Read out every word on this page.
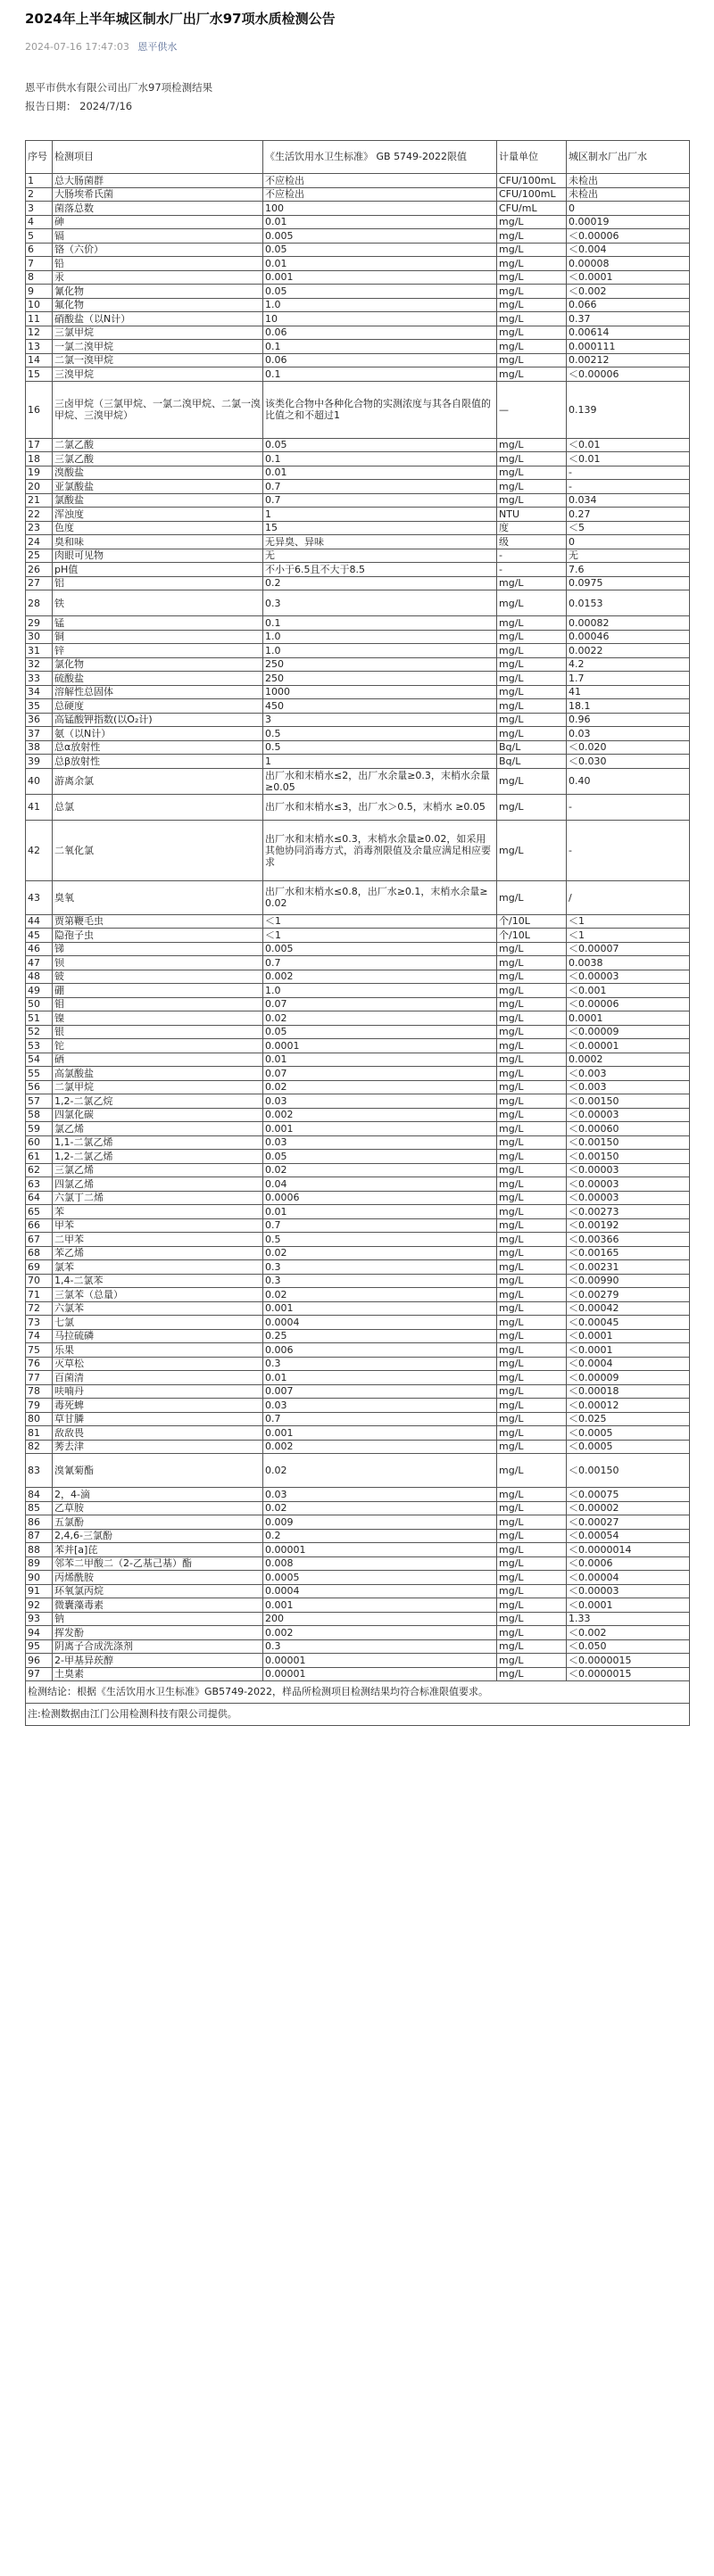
2024年上半年城区制水厂出厂水97项水质检测公告
2024-07-16 17:47:03 恩平供水
恩平市供水有限公司出厂水97项检测结果
报告日期： 2024/7/16
序号	检测项目	《生活饮用水卫生标准》 GB 5749-2022限值	计量单位	城区制水厂出厂水
1	总大肠菌群	不应检出	CFU/100mL	未检出
2	大肠埃希氏菌	不应检出	CFU/100mL	未检出
3	菌落总数	100	CFU/mL	0
4	砷	0.01	mg/L	0.00019
5	镉	0.005	mg/L	＜0.00006
6	铬（六价）	0.05	mg/L	＜0.004
7	铅	0.01	mg/L	0.00008
8	汞	0.001	mg/L	＜0.0001
9	氰化物	0.05	mg/L	＜0.002
10	氟化物	1.0	mg/L	0.066
11	硝酸盐（以N计）	10	mg/L	0.37
12	三氯甲烷	0.06	mg/L	0.00614
13	一氯二溴甲烷	0.1	mg/L	0.000111
14	二氯一溴甲烷	0.06	mg/L	0.00212
15	三溴甲烷	0.1	mg/L	＜0.00006
16	三卤甲烷（三氯甲烷、一氯二溴甲烷、二氯一溴甲烷、三溴甲烷）	该类化合物中各种化合物的实测浓度与其各自限值的比值之和不超过1	—	0.139
17	二氯乙酸	0.05	mg/L	＜0.01
18	三氯乙酸	0.1	mg/L	＜0.01
19	溴酸盐	0.01	mg/L	-
20	亚氯酸盐	0.7	mg/L	-
21	氯酸盐	0.7	mg/L	0.034
22	浑浊度	1	NTU	0.27
23	色度	15	度	＜5
24	臭和味	无异臭、异味	级	0
25	肉眼可见物	无	-	无
26	pH值	不小于6.5且不大于8.5	-	7.6
27	铝	0.2	mg/L	0.0975
28	铁	0.3	mg/L	0.0153
29	锰	0.1	mg/L	0.00082
30	铜	1.0	mg/L	0.00046
31	锌	1.0	mg/L	0.0022
32	氯化物	250	mg/L	4.2
33	硫酸盐	250	mg/L	1.7
34	溶解性总固体	1000	mg/L	41
35	总硬度	450	mg/L	18.1
36	高锰酸钾指数(以O₂计)	3	mg/L	0.96
37	氨（以N计）	0.5	mg/L	0.03
38	总α放射性	0.5	Bq/L	＜0.020
39	总β放射性	1	Bq/L	＜0.030
40	游离余氯	出厂水和末梢水≤2，出厂水余量≥0.3，末梢水余量≥0.05	mg/L	0.40
41	总氯	出厂水和末梢水≤3，出厂水＞0.5，末梢水 ≥0.05	mg/L	-
42	二氧化氯	出厂水和末梢水≤0.3，末梢水余量≥0.02，如采用其他协同消毒方式，消毒剂限值及余量应满足相应要求	mg/L	-
43	臭氧	出厂水和末梢水≤0.8，出厂水≥0.1，末梢水余量≥0.02	mg/L	/
44	贾第鞭毛虫	＜1	个/10L	＜1
45	隐孢子虫	＜1	个/10L	＜1
46	锑	0.005	mg/L	＜0.00007
47	钡	0.7	mg/L	0.0038
48	铍	0.002	mg/L	＜0.00003
49	硼	1.0	mg/L	＜0.001
50	钼	0.07	mg/L	＜0.00006
51	镍	0.02	mg/L	0.0001
52	银	0.05	mg/L	＜0.00009
53	铊	0.0001	mg/L	＜0.00001
54	硒	0.01	mg/L	0.0002
55	高氯酸盐	0.07	mg/L	＜0.003
56	二氯甲烷	0.02	mg/L	＜0.003
57	1,2-二氯乙烷	0.03	mg/L	＜0.00150
58	四氯化碳	0.002	mg/L	＜0.00003
59	氯乙烯	0.001	mg/L	＜0.00060
60	1,1-二氯乙烯	0.03	mg/L	＜0.00150
61	1,2-二氯乙烯	0.05	mg/L	＜0.00150
62	三氯乙烯	0.02	mg/L	＜0.00003
63	四氯乙烯	0.04	mg/L	＜0.00003
64	六氯丁二烯	0.0006	mg/L	＜0.00003
65	苯	0.01	mg/L	＜0.00273
66	甲苯	0.7	mg/L	＜0.00192
67	二甲苯	0.5	mg/L	＜0.00366
68	苯乙烯	0.02	mg/L	＜0.00165
69	氯苯	0.3	mg/L	＜0.00231
70	1,4-二氯苯	0.3	mg/L	＜0.00990
71	三氯苯（总量）	0.02	mg/L	＜0.00279
72	六氯苯	0.001	mg/L	＜0.00042
73	七氯	0.0004	mg/L	＜0.00045
74	马拉硫磷	0.25	mg/L	＜0.0001
75	乐果	0.006	mg/L	＜0.0001
76	灭草松	0.3	mg/L	＜0.0004
77	百菌清	0.01	mg/L	＜0.00009
78	呋喃丹	0.007	mg/L	＜0.00018
79	毒死蜱	0.03	mg/L	＜0.00012
80	草甘膦	0.7	mg/L	＜0.025
81	敌敌畏	0.001	mg/L	＜0.0005
82	莠去津	0.002	mg/L	＜0.0005
83	溴氰菊酯	0.02	mg/L	＜0.00150
84	2，4-滴	0.03	mg/L	＜0.00075
85	乙草胺	0.02	mg/L	＜0.00002
86	五氯酚	0.009	mg/L	＜0.00027
87	2,4,6-三氯酚	0.2	mg/L	＜0.00054
88	苯并[a]芘	0.00001	mg/L	＜0.0000014
89	邻苯二甲酸二（2-乙基己基）酯	0.008	mg/L	＜0.0006
90	丙烯酰胺	0.0005	mg/L	＜0.00004
91	环氧氯丙烷	0.0004	mg/L	＜0.00003
92	微囊藻毒素	0.001	mg/L	＜0.0001
93	钠	200	mg/L	1.33
94	挥发酚	0.002	mg/L	＜0.002
95	阴离子合成洗涤剂	0.3	mg/L	＜0.050
96	2-甲基异莰醇	0.00001	mg/L	＜0.0000015
97	土臭素	0.00001	mg/L	＜0.0000015
检测结论：根据《生活饮用水卫生标准》GB5749-2022，样品所检测项目检测结果均符合标准限值要求。				
注:检测数据由江门公用检测科技有限公司提供。				
